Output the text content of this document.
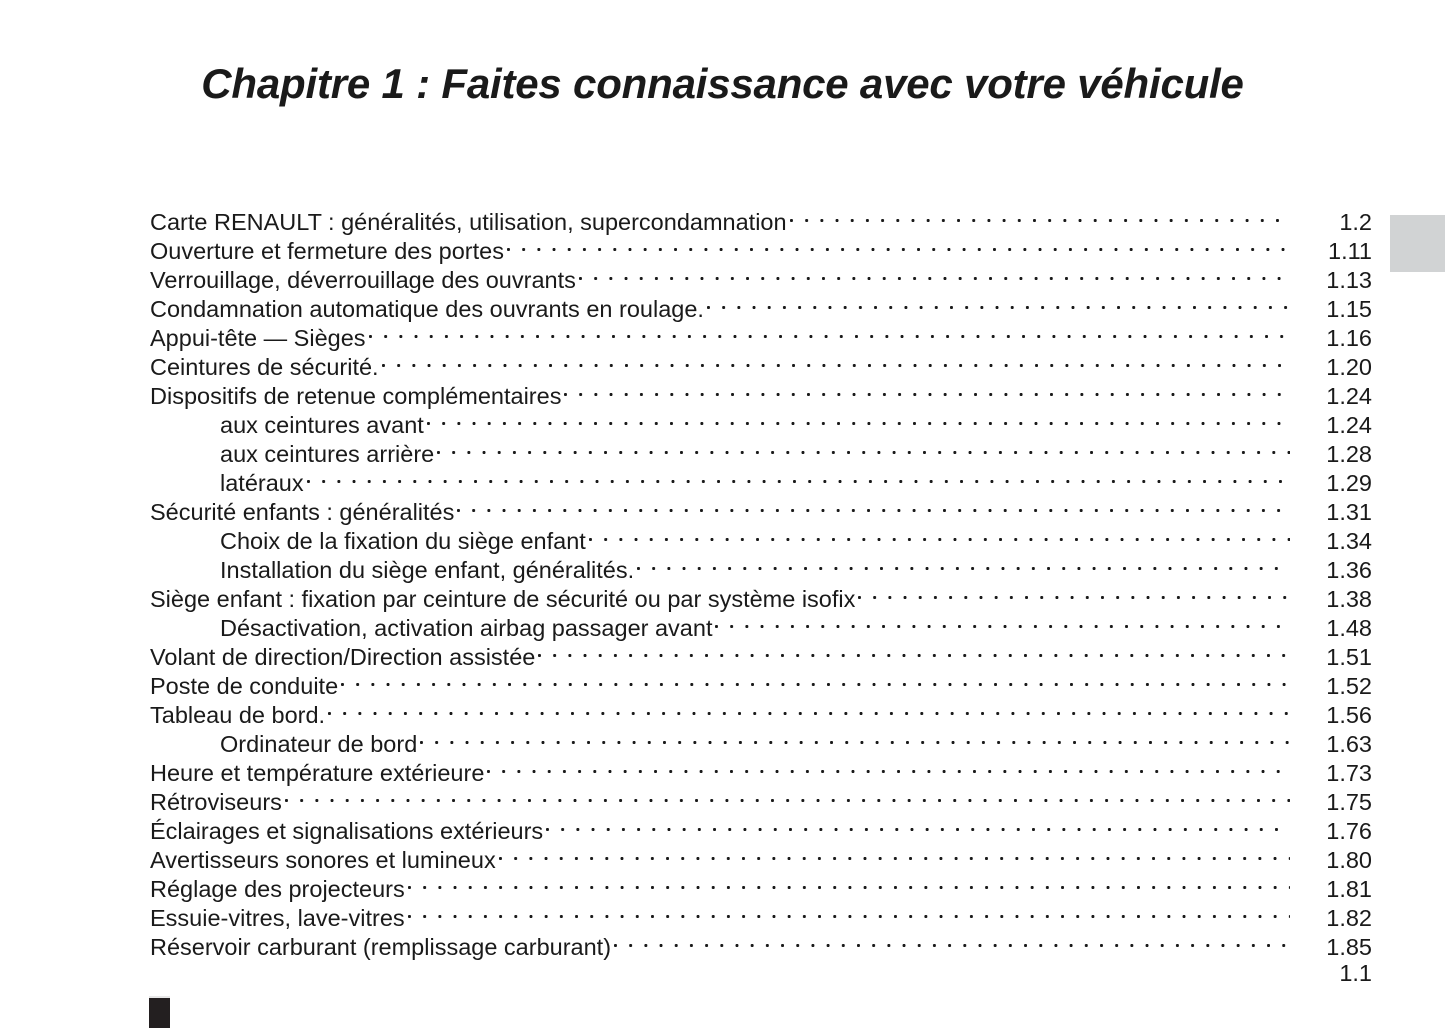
Chapitre 1 : Faites connaissance avec votre véhicule
Carte RENAULT : généralités, utilisation, supercondamnation	1.2
Ouverture et fermeture des portes	1.11
Verrouillage, déverrouillage des ouvrants	1.13
Condamnation automatique des ouvrants en roulage.	1.15
Appui-tête — Sièges	1.16
Ceintures de sécurité.	1.20
Dispositifs de retenue complémentaires	1.24
aux ceintures avant	1.24
aux ceintures arrière	1.28
latéraux	1.29
Sécurité enfants : généralités	1.31
Choix de la fixation du siège enfant	1.34
Installation du siège enfant, généralités.	1.36
Siège enfant : fixation par ceinture de sécurité ou par système isofix	1.38
Désactivation, activation airbag passager avant	1.48
Volant de direction/Direction assistée	1.51
Poste de conduite	1.52
Tableau de bord.	1.56
Ordinateur de bord	1.63
Heure et température extérieure	1.73
Rétroviseurs	1.75
Éclairages et signalisations extérieurs	1.76
Avertisseurs sonores et lumineux	1.80
Réglage des projecteurs	1.81
Essuie-vitres, lave-vitres	1.82
Réservoir carburant (remplissage carburant)	1.85
1.1
